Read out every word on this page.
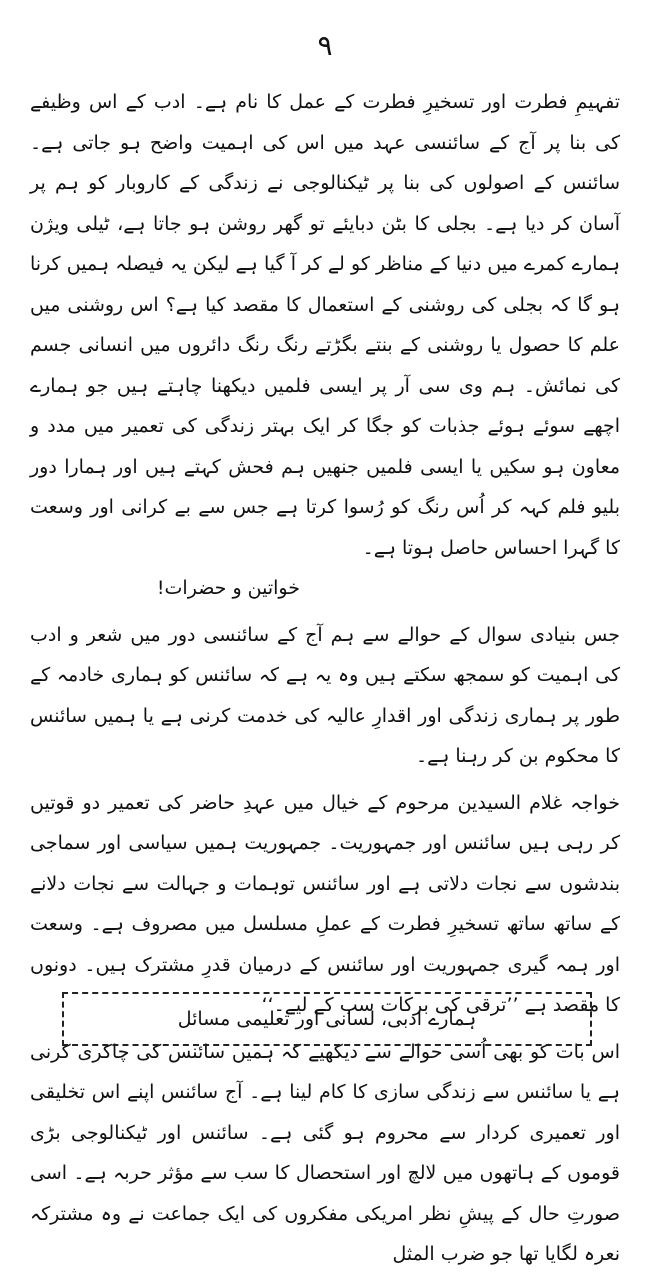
٩

تفہیمِ فطرت اور تسخیرِ فطرت کے عمل کا نام ہے۔ ادب کے اس وظیفے کی بنا پر آج کے سائنسی عہد میں اس کی اہمیت واضح ہو جاتی ہے۔ سائنس کے اصولوں کی بنا پر ٹیکنالوجی نے زندگی کے کاروبار کو ہم پر آسان کر دیا ہے۔ بجلی کا بٹن دبایئے تو گھر روشن ہو جاتا ہے، ٹیلی ویژن ہمارے کمرے میں دنیا کے مناظر کو لے کر آ گیا ہے لیکن یہ فیصلہ ہمیں کرنا ہو گا کہ بجلی کی روشنی کے استعمال کا مقصد کیا ہے؟ اس روشنی میں علم کا حصول یا روشنی کے بنتے بگڑتے رنگ رنگ دائروں میں انسانی جسم کی نمائش۔ ہم وی سی آر پر ایسی فلمیں دیکھنا چاہتے ہیں جو ہمارے اچھے سوئے ہوئے جذبات کو جگا کر ایک بہتر زندگی کی تعمیر میں مدد و معاون ہو سکیں یا ایسی فلمیں جنھیں ہم فحش کہتے ہیں اور ہمارا دور بلیو فلم کہہ کر اُس رنگ کو رُسوا کرتا ہے جس سے بے کرانی اور وسعت کا گہرا احساس حاصل ہوتا ہے۔

خواتین و حضرات!

جس بنیادی سوال کے حوالے سے ہم آج کے سائنسی دور میں شعر و ادب کی اہمیت کو سمجھ سکتے ہیں وہ یہ ہے کہ سائنس کو ہماری خادمہ کے طور پر ہماری زندگی اور اقدارِ عالیہ کی خدمت کرنی ہے یا ہمیں سائنس کا محکوم بن کر رہنا ہے۔

خواجہ غلام السیدین مرحوم کے خیال میں عہدِ حاضر کی تعمیر دو قوتیں کر رہی ہیں سائنس اور جمہوریت۔ جمہوریت ہمیں سیاسی اور سماجی بندشوں سے نجات دلاتی ہے اور سائنس توہمات و جہالت سے نجات دلانے کے ساتھ ساتھ تسخیرِ فطرت کے عملِ مسلسل میں مصروف ہے۔ وسعت اور ہمہ گیری جمہوریت اور سائنس کے درمیان قدرِ مشترک ہیں۔ دونوں کا مقصد ہے ’’ترقی کی برکات سب کے لیے۔‘‘

اس بات کو بھی اُسی حوالے سے دیکھیے کہ ہمیں سائنس کی چاکری کرنی ہے یا سائنس سے زندگی سازی کا کام لینا ہے۔ آج سائنس اپنے اس تخلیقی اور تعمیری کردار سے محروم ہو گئی ہے۔ سائنس اور ٹیکنالوجی بڑی قوموں کے ہاتھوں میں لالچ اور استحصال کا سب سے مؤثر حربہ ہے۔ اسی صورتِ حال کے پیشِ نظر امریکی مفکروں کی ایک جماعت نے وہ مشترکہ نعرہ لگایا تھا جو ضرب المثل

ہمارے ادبی، لسانی اور تعلیمی مسائل
